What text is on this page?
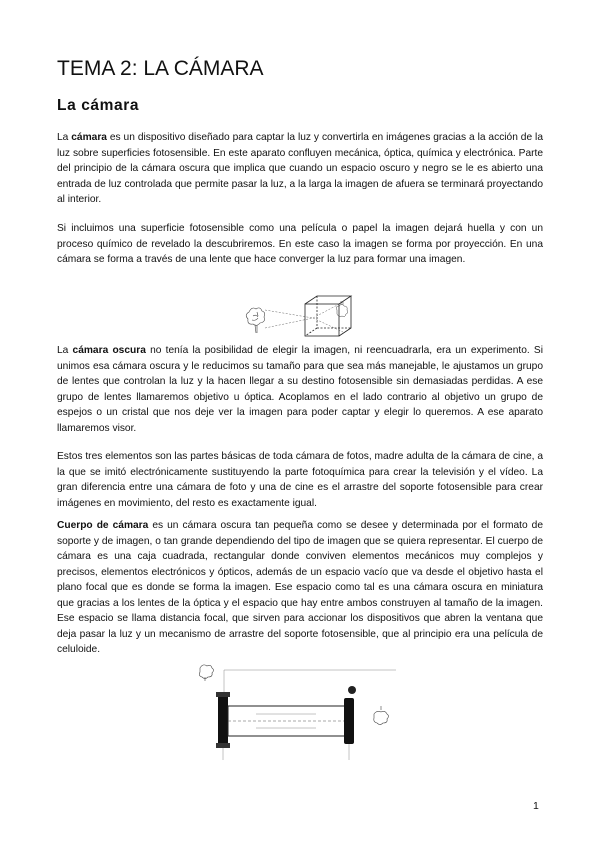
TEMA 2: LA CÁMARA
La cámara

La cámara es un dispositivo diseñado para captar la luz y convertirla en imágenes gracias a la acción de la luz sobre superficies fotosensible. En este aparato confluyen mecánica, óptica, química y electrónica. Parte del principio de la cámara oscura que implica que cuando un espacio oscuro y negro se le es abierto una entrada de luz controlada que permite pasar la luz, a la larga la imagen de afuera se terminará proyectando al interior.

Si incluimos una superficie fotosensible como una película o papel la imagen dejará huella y con un proceso químico de revelado la descubriremos. En este caso la imagen se forma por proyección. En una cámara se forma a través de una lente que hace converger la luz para formar una imagen.

La cámara oscura no tenía la posibilidad de elegir la imagen, ni reencuadrarla, era un experimento. Si unimos esa cámara oscura y le reducimos su tamaño para que sea más manejable, le ajustamos un grupo de lentes que controlan la luz y la hacen llegar a su destino fotosensible sin demasiadas perdidas. A ese grupo de lentes llamaremos objetivo u óptica. Acoplamos en el lado contrario al objetivo un grupo de espejos o un cristal que nos deje ver la imagen para poder captar y elegir lo queremos. A ese aparato llamaremos visor.

Estos tres elementos son las partes básicas de toda cámara de fotos, madre adulta de la cámara de cine, a la que se imitó electrónicamente sustituyendo la parte fotoquímica para crear la televisión y el vídeo. La gran diferencia entre una cámara de foto y una de cine es el arrastre del soporte fotosensible para crear imágenes en movimiento, del resto es exactamente igual.

Cuerpo de cámara es un cámara oscura tan pequeña como se desee y determinada por el formato de soporte y de imagen, o tan grande dependiendo del tipo de imagen que se quiera representar. El cuerpo de cámara es una caja cuadrada, rectangular donde conviven elementos mecánicos muy complejos y precisos, elementos electrónicos y ópticos, además de un espacio vacío que va desde el objetivo hasta el plano focal que es donde se forma la imagen. Ese espacio como tal es una cámara oscura en miniatura que gracias a los lentes de la óptica y el espacio que hay entre ambos construyen al tamaño de la imagen. Ese espacio se llama distancia focal, que sirven para accionar los dispositivos que abren la ventana que deja pasar la luz y un mecanismo de arrastre del soporte fotosensible, que al principio era una película de celuloide.

1
